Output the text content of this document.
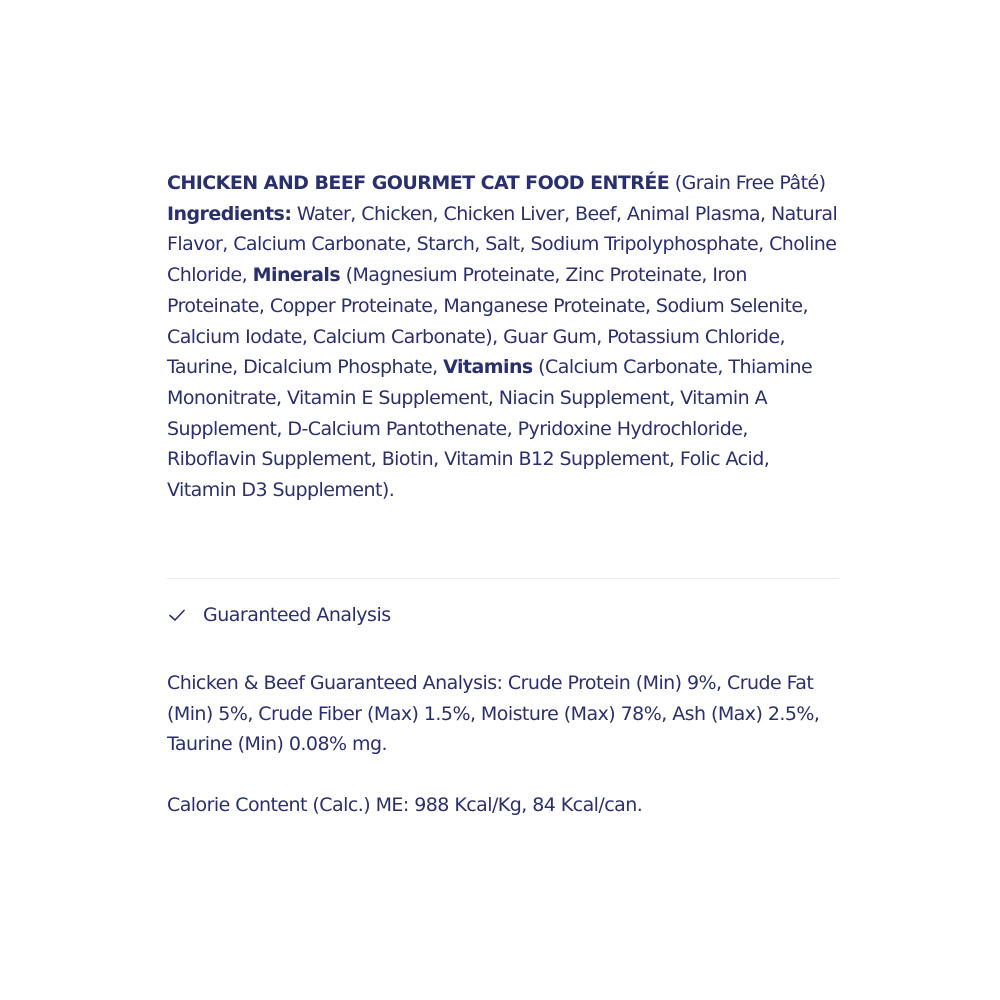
CHICKEN AND BEEF GOURMET CAT FOOD ENTRÉE (Grain Free Pâté)
Ingredients: Water, Chicken, Chicken Liver, Beef, Animal Plasma, Natural Flavor, Calcium Carbonate, Starch, Salt, Sodium Tripolyphosphate, Choline Chloride, Minerals (Magnesium Proteinate, Zinc Proteinate, Iron Proteinate, Copper Proteinate, Manganese Proteinate, Sodium Selenite, Calcium Iodate, Calcium Carbonate), Guar Gum, Potassium Chloride, Taurine, Dicalcium Phosphate, Vitamins (Calcium Carbonate, Thiamine Mononitrate, Vitamin E Supplement, Niacin Supplement, Vitamin A Supplement, D-Calcium Pantothenate, Pyridoxine Hydrochloride, Riboflavin Supplement, Biotin, Vitamin B12 Supplement, Folic Acid, Vitamin D3 Supplement).

Guaranteed Analysis

Chicken & Beef Guaranteed Analysis: Crude Protein (Min) 9%, Crude Fat (Min) 5%, Crude Fiber (Max) 1.5%, Moisture (Max) 78%, Ash (Max) 2.5%, Taurine (Min) 0.08% mg.

Calorie Content (Calc.) ME: 988 Kcal/Kg, 84 Kcal/can.
